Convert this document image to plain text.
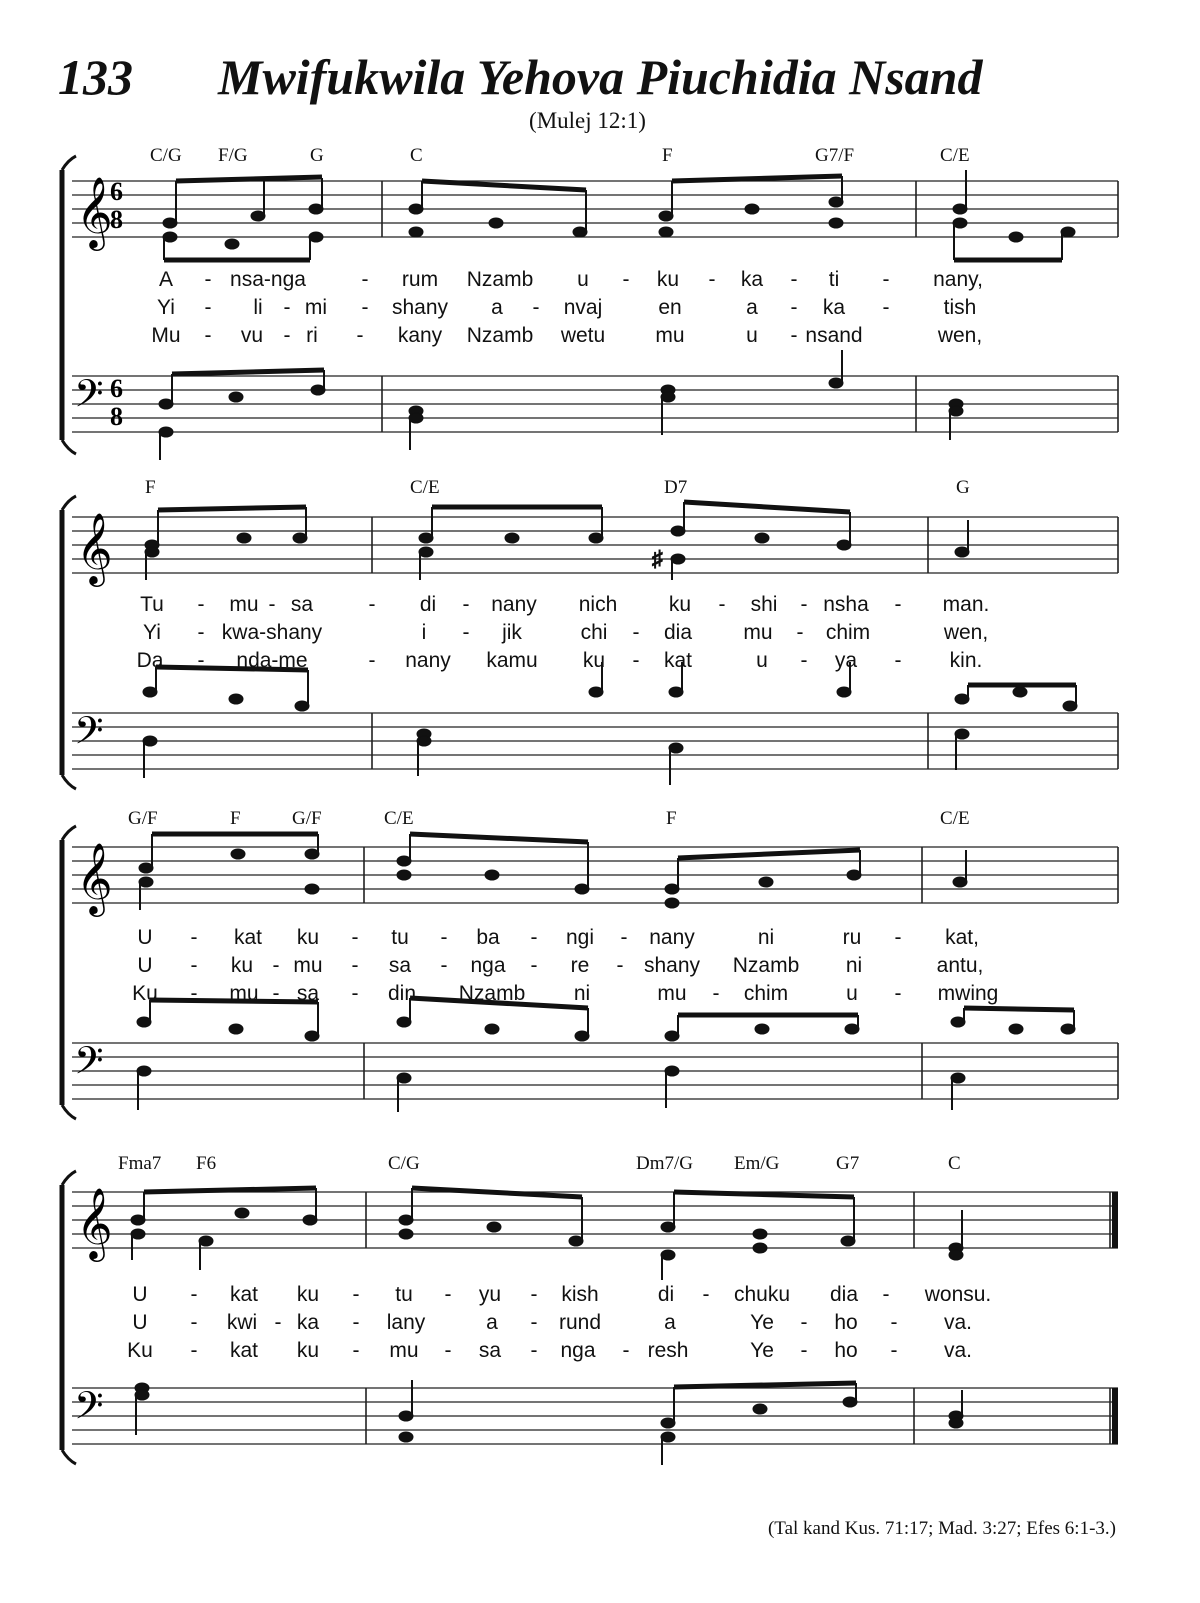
133 Mwifukwila Yehova Piuchidia Nsand
(Mulej 12:1)
C/G F/G	G	C	F	G7/F	C/E
𝄞
6
8
𝄢 6
8
A - nsa-nga	- rum Nzamb u - ku - ka - ti - nany,
Yi - li - mi - shany a - nvaj	en	a - ka -	tish
Mu - vu - ri - kany Nzamb wetu mu	u - nsand	wen,
F	C/E	D7	G
𝄞	♯
𝄢
Tu - mu - sa	- di - nany nich ku - shi - nsha - man.
Yi - kwa-shany	i - jik	chi - dia mu - chim	wen,
Da - nda-me	- nany kamu ku - kat	u - ya - kin.
G/F	F	G/F	C/E	F	C/E
𝄞
𝄢
U - kat ku - tu - ba - ngi - nany	ni	ru - kat,
U - ku - mu - sa - nga - re - shany Nzamb ni	antu,
Ku - mu - sa - din Nzamb ni	mu - chim	u - mwing
Fma7 F6	C/G	Dm7/G Em/G	G7	C
𝄞
𝄢
U - kat ku - tu - yu - kish	di - chuku dia - wonsu.
U - kwi - ka - lany	a - rund	a	Ye - ho - va.
Ku - kat ku - mu - sa - nga - resh	Ye - ho - va.
(Tal kand Kus. 71:17; Mad. 3:27; Efes 6:1-3.)
